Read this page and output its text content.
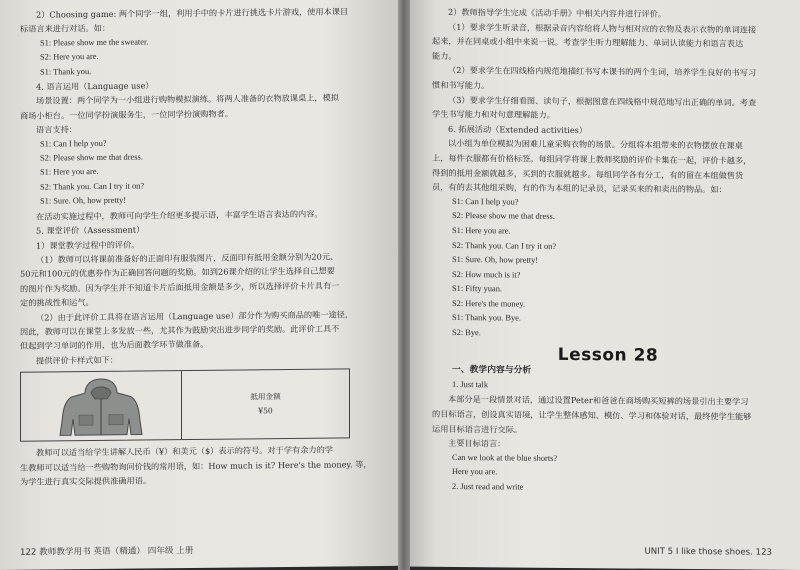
2）Choosing game: 两个同学一组，利用手中的卡片进行挑选卡片游戏，使用本课目

标语言来进行对话。如：

S1: Please show me the sweater.

S2: Here you are.

S1: Thank you.

4. 语言运用（Language use）

场景设置：两个同学为一小组进行购物模拟演练。将两人准备的衣物放课桌上，模拟

商场小柜台。一位同学扮演服务生，一位同学扮演购物者。

语言支持：

S1: Can I help you?

S2: Please show me that dress.

S1: Here you are.

S2: Thank you. Can I try it on?

S1: Sure. Oh, how pretty!

在活动实施过程中，教师可向学生介绍更多提示语，丰富学生语言表达的内容。

5. 课堂评价（Assessment）

1）课堂教学过程中的评价。

（1）教师可以将课前准备好的正面印有服装图片，反面印有抵用金额分别为20元、

50元和100元的优惠券作为正确回答问题的奖励。如到26课介绍的让学生选择自己想要

的图片作为奖励。因为学生并不知道卡片后面抵用金额是多少，所以选择评价卡片具有一

定的挑战性和运气。

（2）由于此评价工具将在语言运用（Language use）部分作为购买商品的唯一途径，

因此，教师可以在课堂上多发放一些，尤其作为鼓励突出进步同学的奖励。此评价工具不

但起到学习单词的作用，也为后面教学环节做准备。

提供评价卡样式如下：

抵用金额
¥50

教师可以适当给学生讲解人民币（¥）和美元（$）表示的符号。对于学有余力的学

生教师可以适当给一些购物询问价钱的常用语，如：How much is it? Here's the money. 等，

为学生进行真实交际提供准确用语。

122 教师教学用书 英语（精通） 四年级 上册

2）教师指导学生完成《活动手册》中相关内容并进行评价。

（1）要求学生听录音，根据录音内容给将人物与相对应的衣物及表示衣物的单词连接

起来，并在同桌或小组中来说一说。考查学生听力理解能力、单词认读能力和语言表达

能力。

（2）要求学生在四线格内规范地描红书写本课书的两个生词，培养学生良好的书写习

惯和书写能力。

（3）要求学生仔细看图、读句子，根据图意在四线格中规范地写出正确的单词。考查

学生书写能力和对句意理解能力。

6. 拓展活动（Extended activities）

以小组为单位模拟为困难儿童采购衣物的场景。分组将本组带来的衣物摆放在课桌

上，每件衣服都有价格标签。每组同学将课上教师奖励的评价卡集在一起，评价卡越多，

得到的抵用金额就越多，买到的衣服就越多。每组同学各有分工，有的留在本组做售货

员，有的去其他组采购，有的作为本组的记录员，记录买来的和卖出的物品。如：

S1: Can I help you?

S2: Please show me that dress.

S1: Here you are.

S2: Thank you. Can I try it on?

S1: Sure. Oh, how pretty!

S2: How much is it?

S1: Fifty yuan.

S2: Here's the money.

S1: Thank you. Bye.

S2: Bye.

Lesson 28
一、教学内容与分析

1. Just talk

本部分是一段情景对话，通过设置Peter和爸爸在商场购买短裤的场景引出主要学习

的目标语言，创设真实语境，让学生整体感知、模仿、学习和体验对话，最终使学生能够

运用目标语言进行交际。

主要目标语言：

Can we look at the blue shorts?

Here you are.

2. Just read and write

UNIT 5 I like those shoes. 123
